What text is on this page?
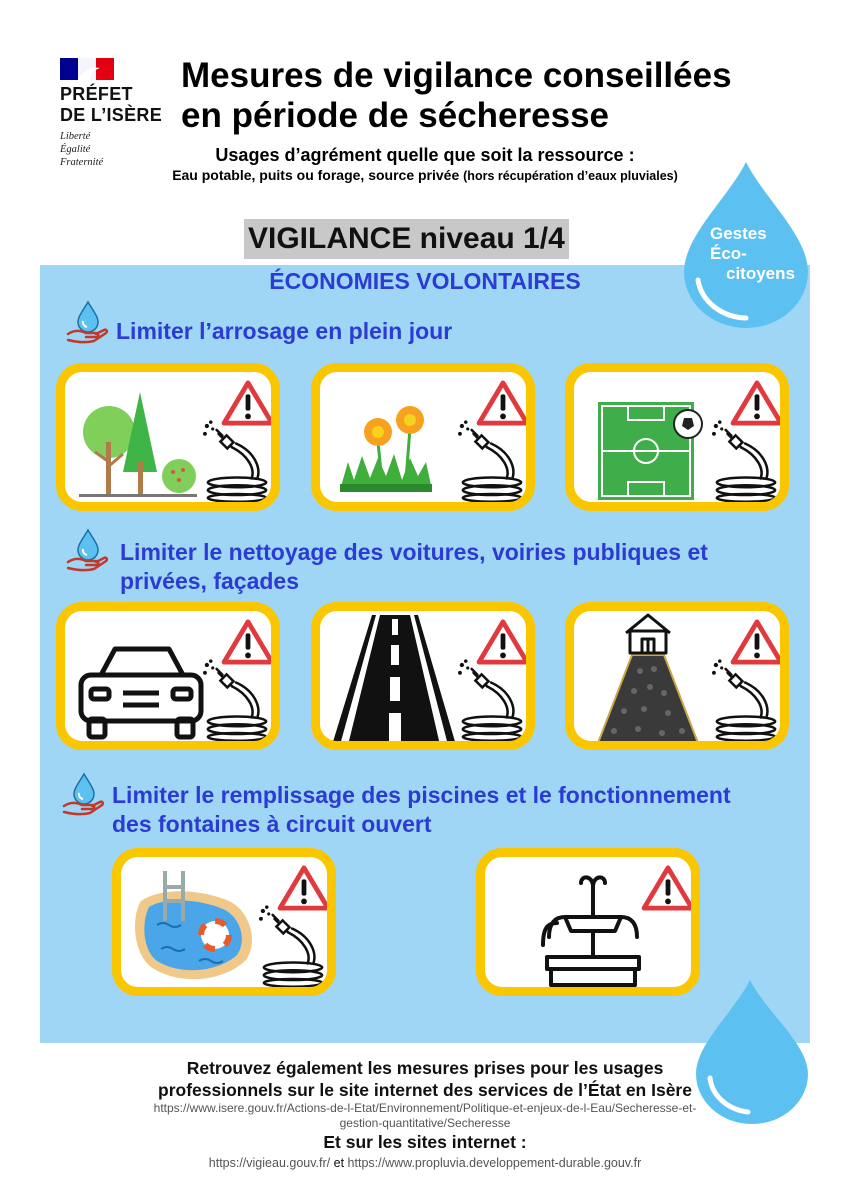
PRÉFET
DE L’ISÈRE
Liberté
Égalité
Fraternité
Mesures de vigilance conseillées
en période de sécheresse
Usages d’agrément quelle que soit la ressource :
Eau potable, puits ou forage, source privée (hors récupération d’eaux pluviales)
VIGILANCE niveau 1/4
ÉCONOMIES VOLONTAIRES
Gestes
Éco-
citoyens
Limiter l’arrosage en plein jour
Limiter le nettoyage des voitures, voiries publiques et
privées, façades
Limiter le remplissage des piscines et le fonctionnement
des fontaines à circuit ouvert
Retrouvez également les mesures prises pour les usages
professionnels sur le site internet des services de l’État en Isère
https://www.isere.gouv.fr/Actions-de-l-Etat/Environnement/Politique-et-enjeux-de-l-Eau/Secheresse-et-
gestion-quantitative/Secheresse
Et sur les sites internet :
https://vigieau.gouv.fr/ et https://www.propluvia.developpement-durable.gouv.fr
